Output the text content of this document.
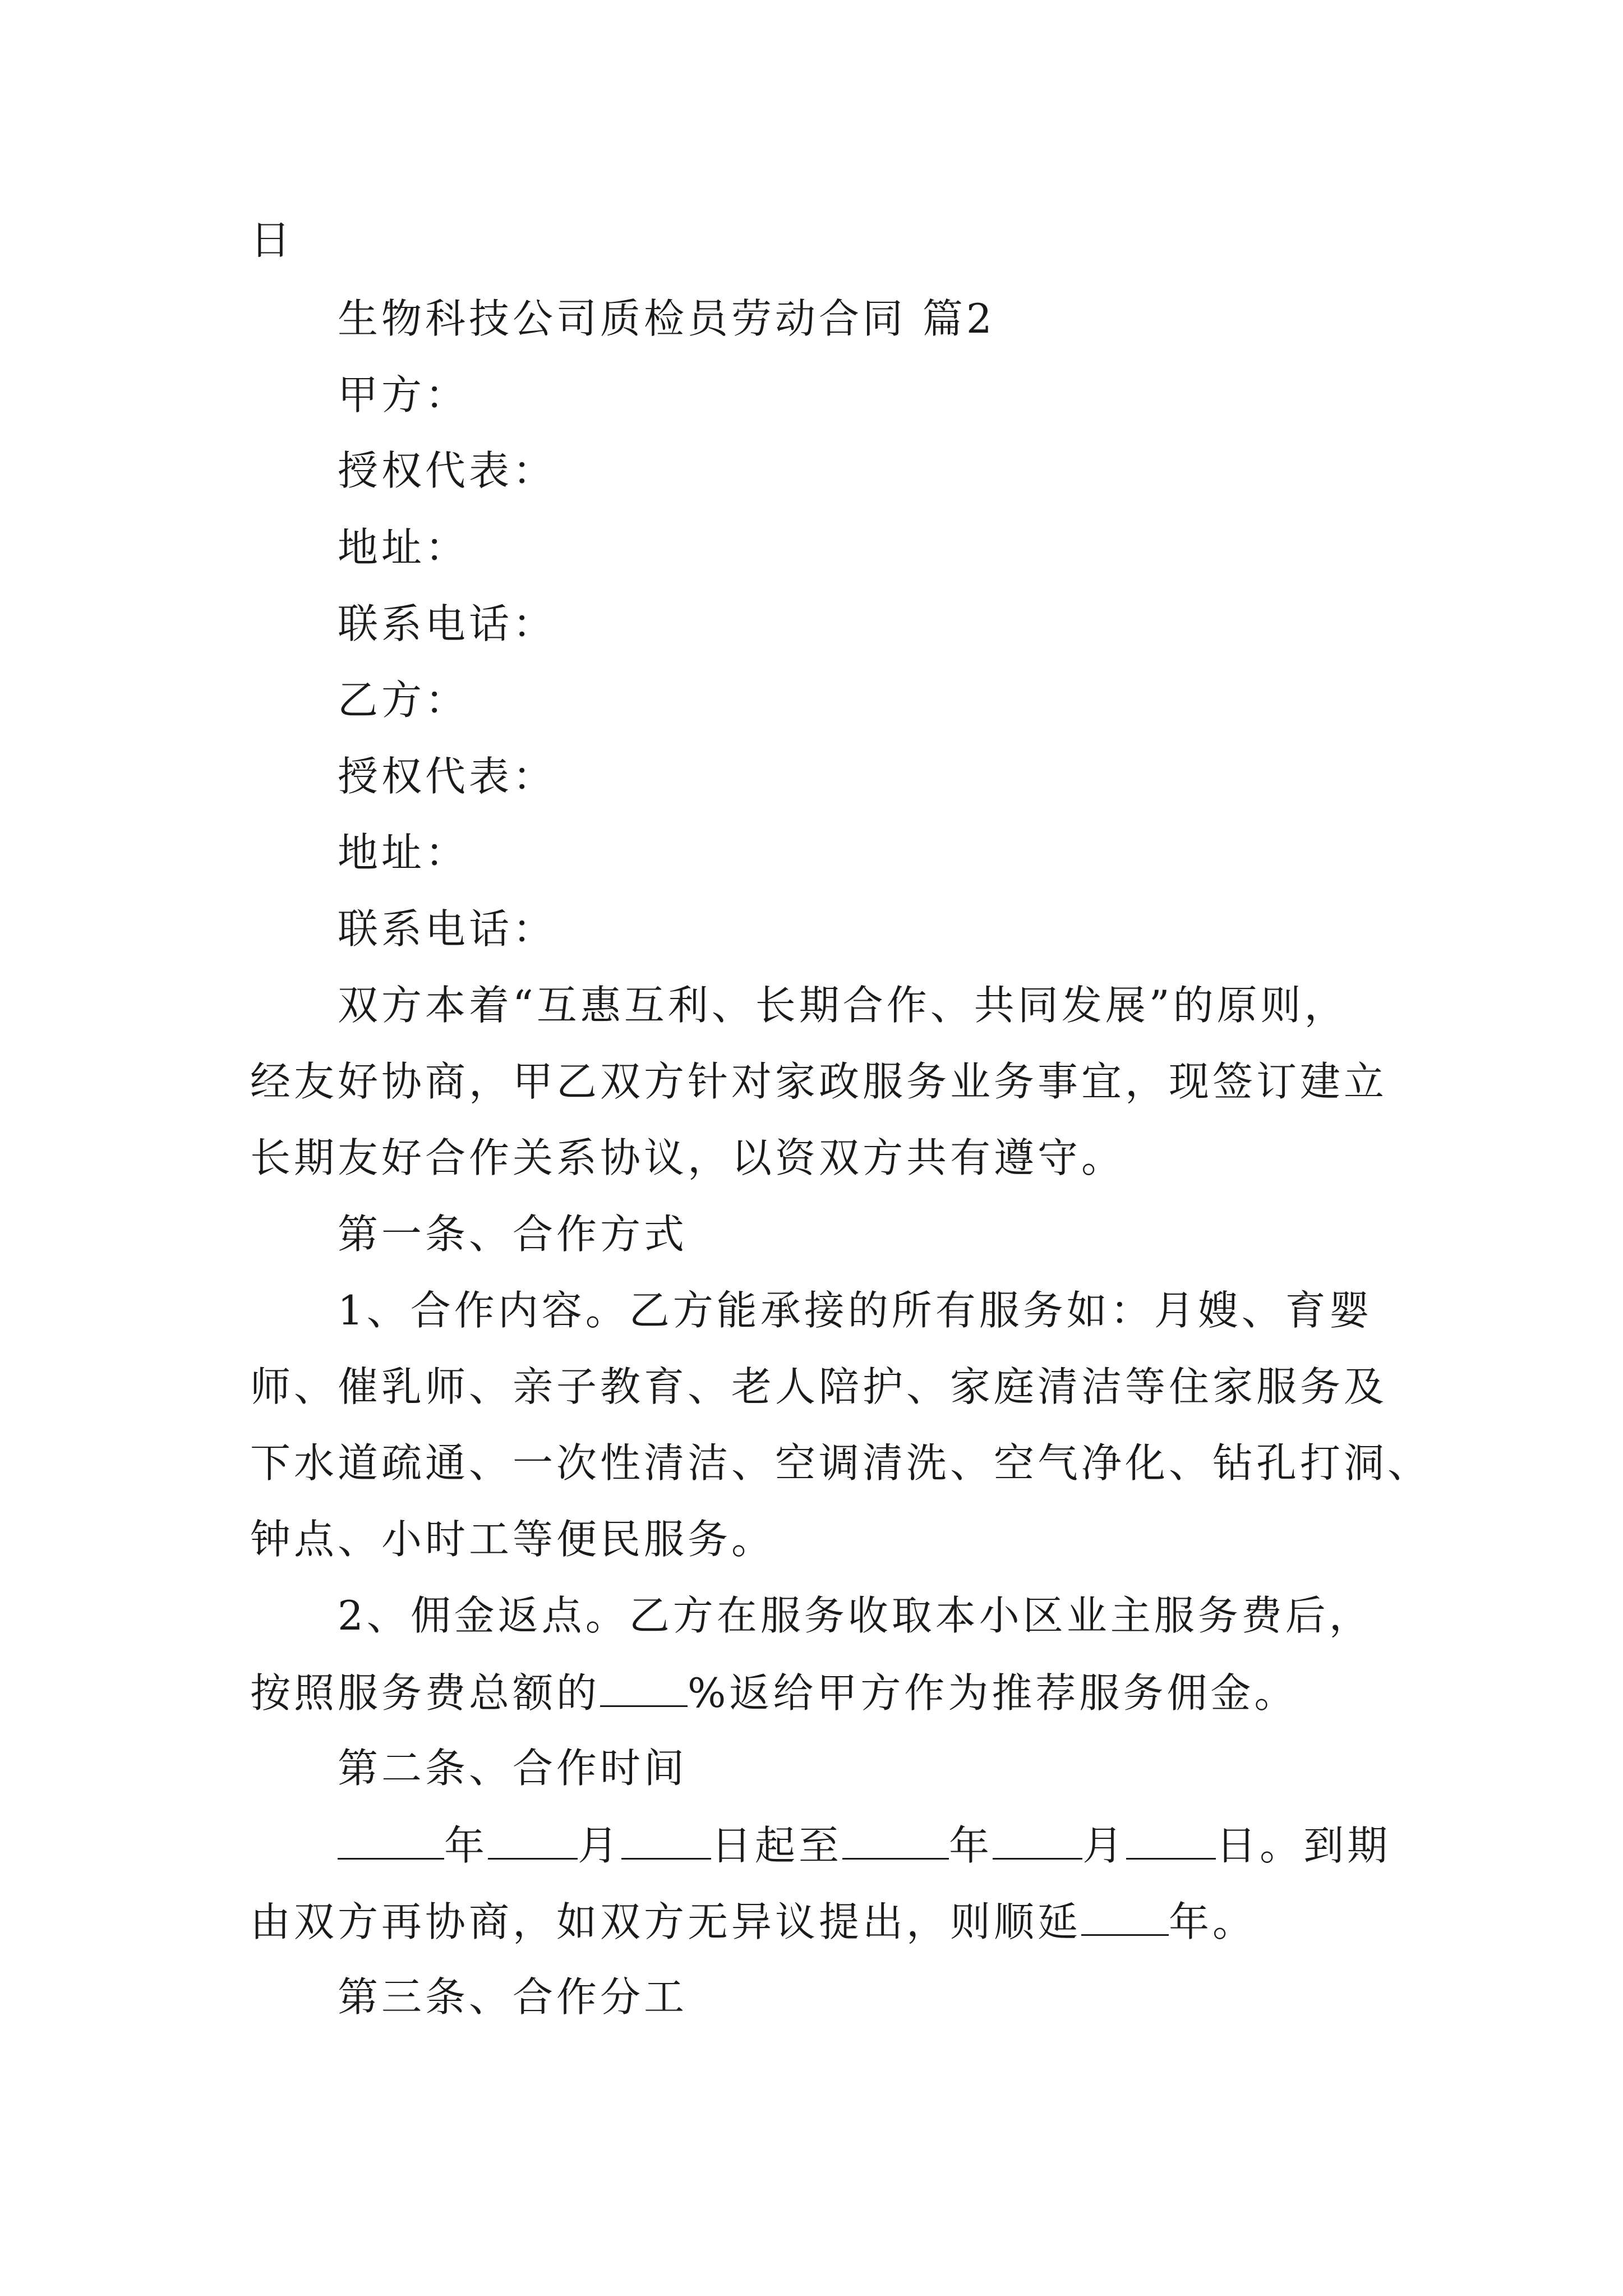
日
生物科技公司质检员劳动合同 篇2
甲方：
授权代表：
地址：
联系电话：
乙方：
授权代表：
地址：
联系电话：
双方本着“互惠互利、长期合作、共同发展”的原则，
经友好协商，甲乙双方针对家政服务业务事宜，现签订建立
长期友好合作关系协议，以资双方共有遵守。
第一条、合作方式
1、合作内容。乙方能承接的所有服务如：月嫂、育婴
师、催乳师、亲子教育、老人陪护、家庭清洁等住家服务及
下水道疏通、一次性清洁、空调清洗、空气净化、钻孔打洞、
钟点、小时工等便民服务。
2、佣金返点。乙方在服务收取本小区业主服务费后，
按照服务费总额的 %返给甲方作为推荐服务佣金。
第二条、合作时间
年 月 日起至	年 月 日。到期
由双方再协商，如双方无异议提出，则顺延 年。
第三条、合作分工
